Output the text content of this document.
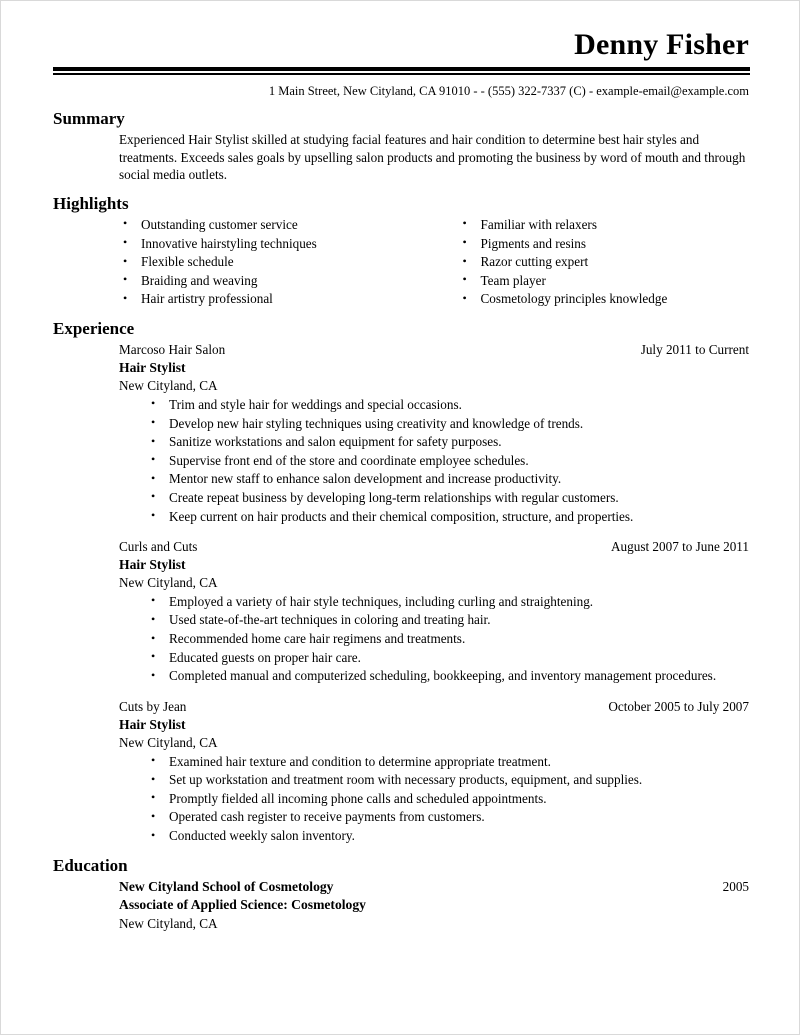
Denny Fisher
1 Main Street, New Cityland, CA 91010 - - (555) 322-7337 (C) - example-email@example.com
Summary
Experienced Hair Stylist skilled at studying facial features and hair condition to determine best hair styles and treatments. Exceeds sales goals by upselling salon products and promoting the business by word of mouth and through social media outlets.
Highlights
• Outstanding customer service
• Innovative hairstyling techniques
• Flexible schedule
• Braiding and weaving
• Hair artistry professional
• Familiar with relaxers
• Pigments and resins
• Razor cutting expert
• Team player
• Cosmetology principles knowledge
Experience
Marcoso Hair Salon	July 2011 to Current
Hair Stylist
New Cityland, CA
• Trim and style hair for weddings and special occasions.
• Develop new hair styling techniques using creativity and knowledge of trends.
• Sanitize workstations and salon equipment for safety purposes.
• Supervise front end of the store and coordinate employee schedules.
• Mentor new staff to enhance salon development and increase productivity.
• Create repeat business by developing long-term relationships with regular customers.
• Keep current on hair products and their chemical composition, structure, and properties.
Curls and Cuts	August 2007 to June 2011
Hair Stylist
New Cityland, CA
• Employed a variety of hair style techniques, including curling and straightening.
• Used state-of-the-art techniques in coloring and treating hair.
• Recommended home care hair regimens and treatments.
• Educated guests on proper hair care.
• Completed manual and computerized scheduling, bookkeeping, and inventory management procedures.
Cuts by Jean	October 2005 to July 2007
Hair Stylist
New Cityland, CA
• Examined hair texture and condition to determine appropriate treatment.
• Set up workstation and treatment room with necessary products, equipment, and supplies.
• Promptly fielded all incoming phone calls and scheduled appointments.
• Operated cash register to receive payments from customers.
• Conducted weekly salon inventory.
Education
New Cityland School of Cosmetology	2005
Associate of Applied Science: Cosmetology
New Cityland, CA
